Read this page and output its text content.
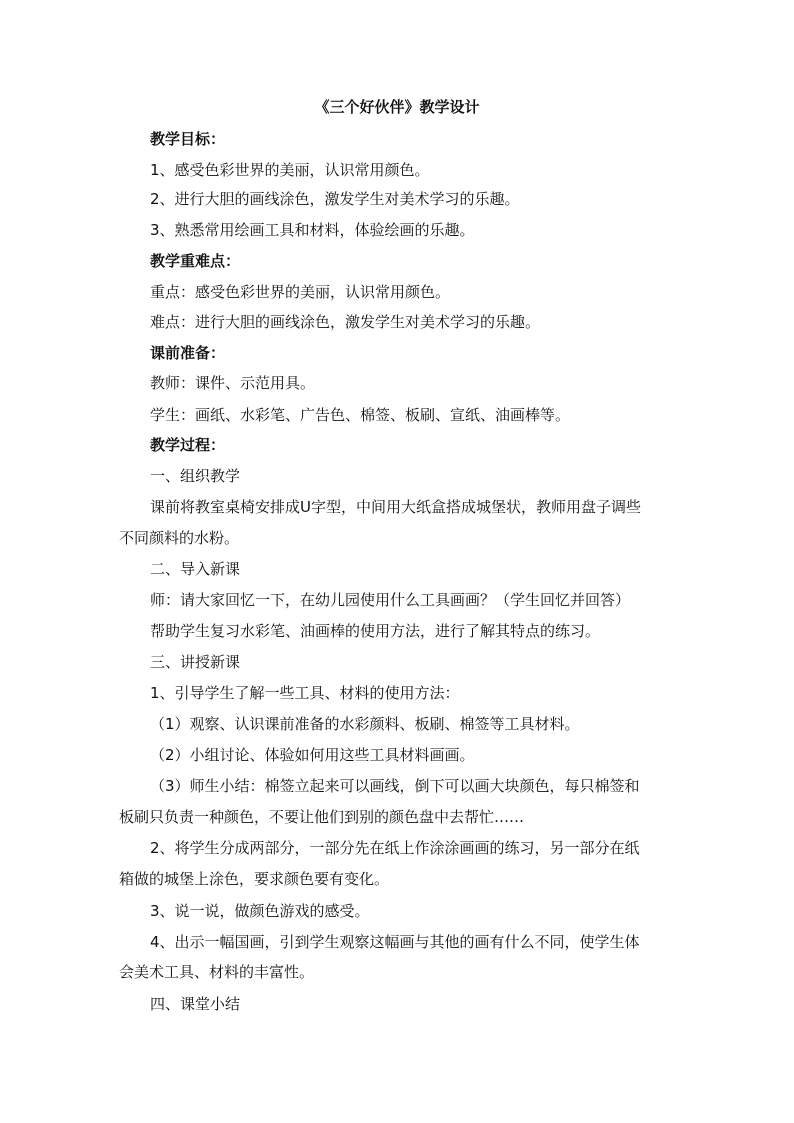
《三个好伙伴》教学设计
教学目标：
1、感受色彩世界的美丽，认识常用颜色。
2、进行大胆的画线涂色，激发学生对美术学习的乐趣。
3、熟悉常用绘画工具和材料，体验绘画的乐趣。
教学重难点：
重点：感受色彩世界的美丽，认识常用颜色。
难点：进行大胆的画线涂色，激发学生对美术学习的乐趣。
课前准备：
教师：课件、示范用具。
学生：画纸、水彩笔、广告色、棉签、板刷、宣纸、油画棒等。
教学过程：
一、组织教学
课前将教室桌椅安排成U字型，中间用大纸盒搭成城堡状，教师用盘子调些
不同颜料的水粉。
二、导入新课
师：请大家回忆一下，在幼儿园使用什么工具画画？（学生回忆并回答）
帮助学生复习水彩笔、油画棒的使用方法，进行了解其特点的练习。
三、讲授新课
1、引导学生了解一些工具、材料的使用方法：
（1）观察、认识课前准备的水彩颜料、板刷、棉签等工具材料。
（2）小组讨论、体验如何用这些工具材料画画。
（3）师生小结：棉签立起来可以画线，倒下可以画大块颜色，每只棉签和
板刷只负责一种颜色，不要让他们到别的颜色盘中去帮忙……
2、将学生分成两部分，一部分先在纸上作涂涂画画的练习，另一部分在纸
箱做的城堡上涂色，要求颜色要有变化。
3、说一说，做颜色游戏的感受。
4、出示一幅国画，引到学生观察这幅画与其他的画有什么不同，使学生体
会美术工具、材料的丰富性。
四、课堂小结
